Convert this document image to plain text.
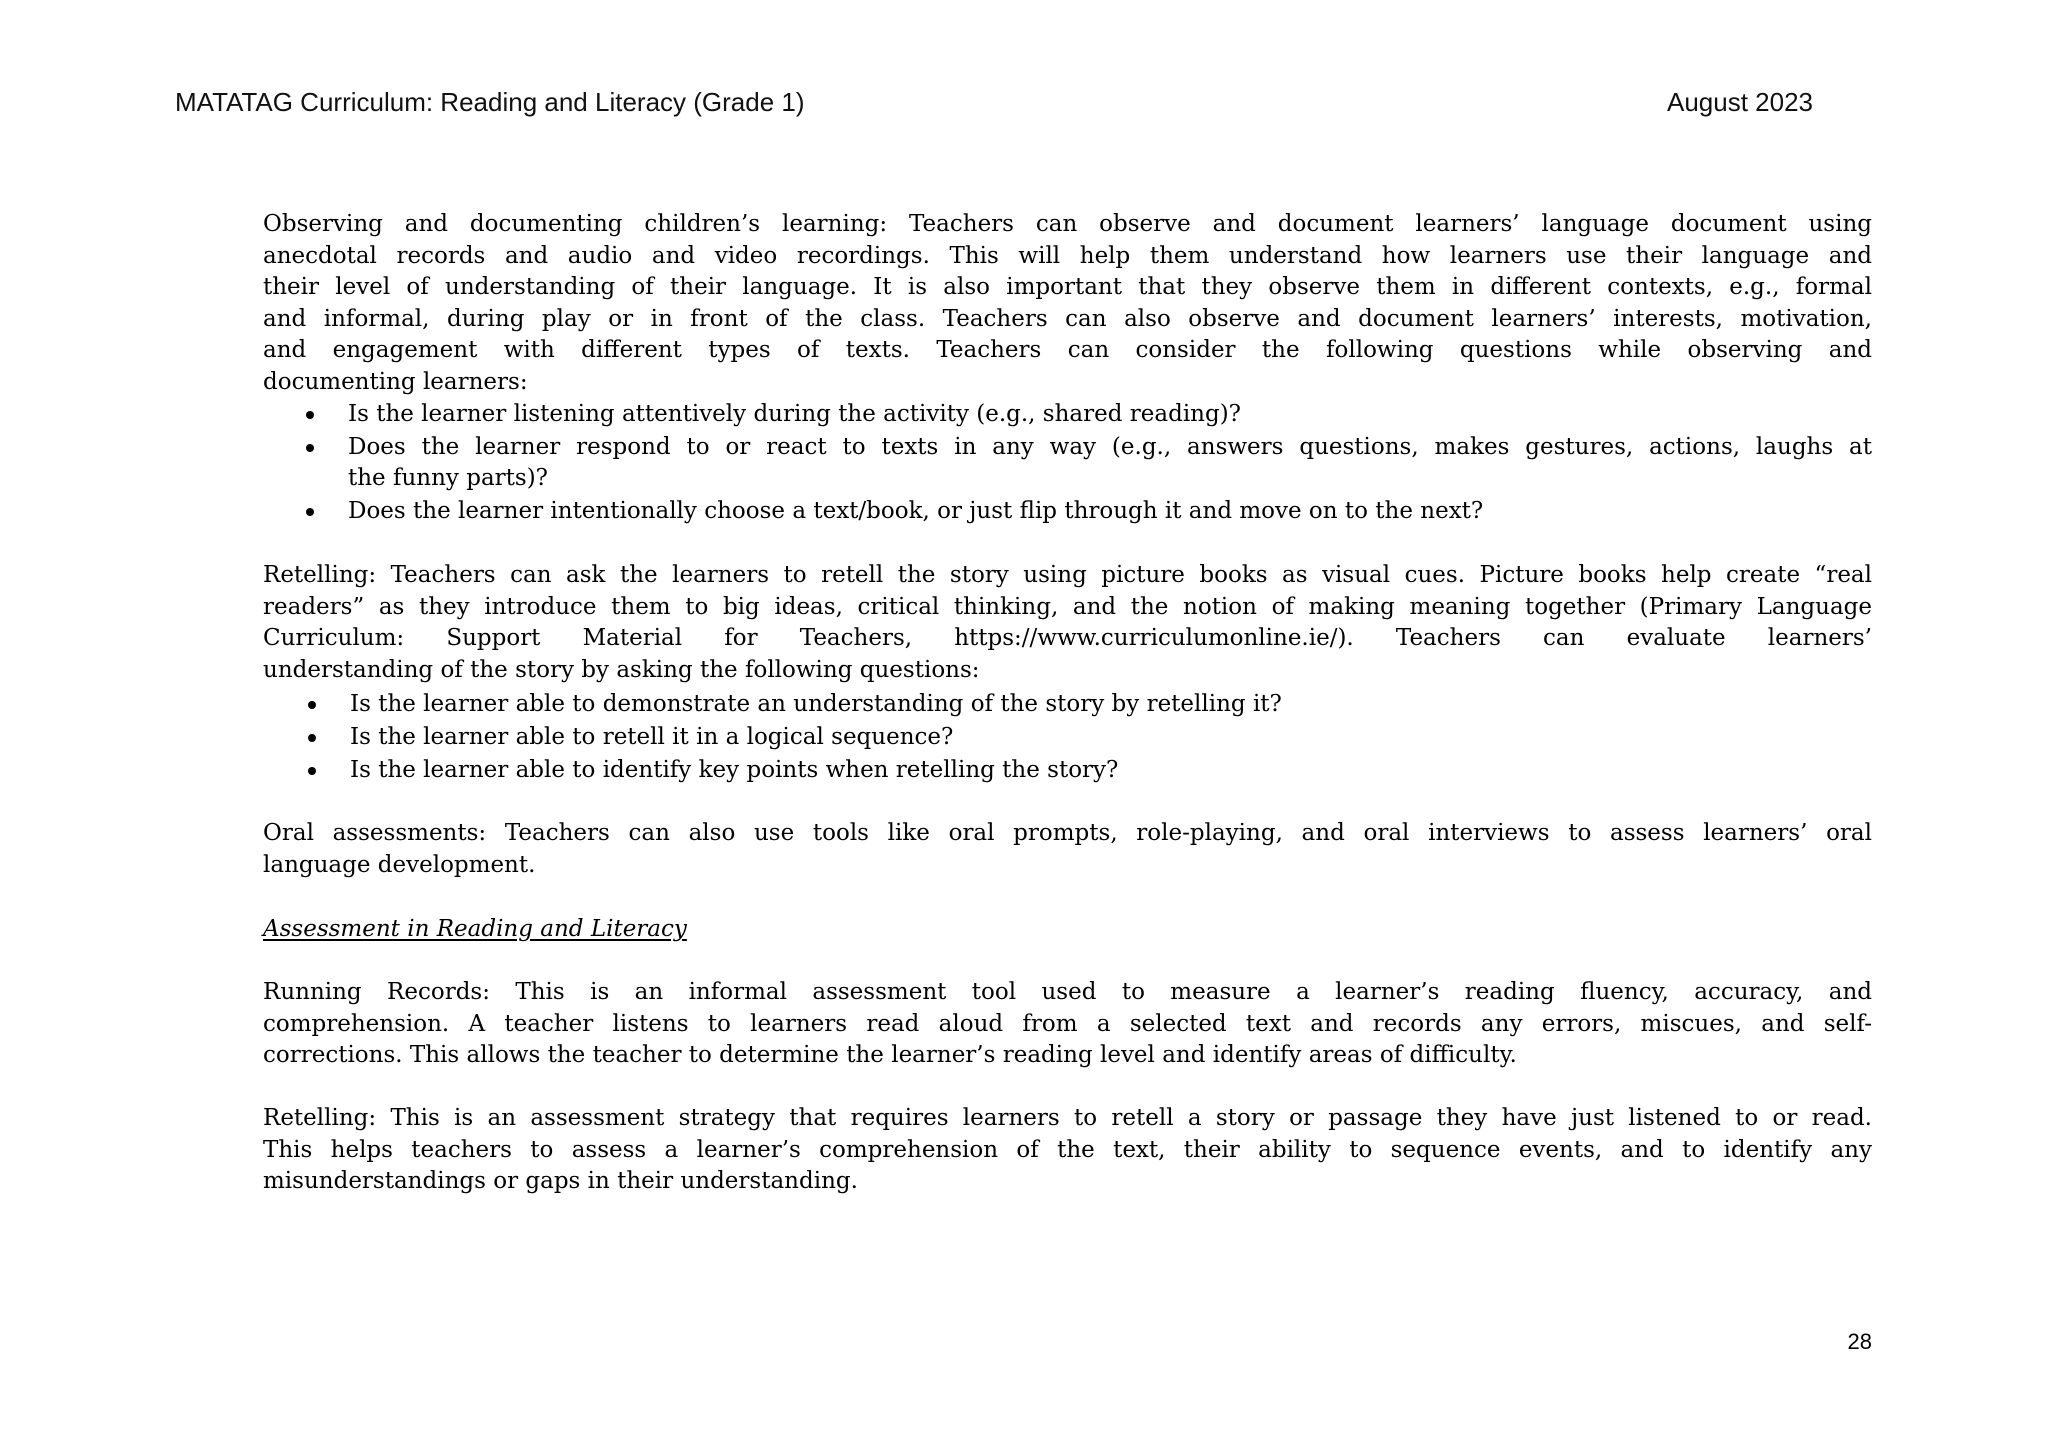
MATATAG Curriculum: Reading and Literacy (Grade 1)	August 2023
Observing and documenting children’s learning: Teachers can observe and document learners’ language document using
anecdotal records and audio and video recordings. This will help them understand how learners use their language and
their level of understanding of their language. It is also important that they observe them in different contexts, e.g., formal
and informal, during play or in front of the class. Teachers can also observe and document learners’ interests, motivation,
and engagement with different types of texts. Teachers can consider the following questions while observing and
documenting learners:
Is the learner listening attentively during the activity (e.g., shared reading)?
Does the learner respond to or react to texts in any way (e.g., answers questions, makes gestures, actions, laughs at
the funny parts)?
Does the learner intentionally choose a text/book, or just flip through it and move on to the next?
Retelling: Teachers can ask the learners to retell the story using picture books as visual cues. Picture books help create “real
readers” as they introduce them to big ideas, critical thinking, and the notion of making meaning together (Primary Language
Curriculum: Support Material for Teachers, https://www.curriculumonline.ie/). Teachers can evaluate learners’
understanding of the story by asking the following questions:
Is the learner able to demonstrate an understanding of the story by retelling it?
Is the learner able to retell it in a logical sequence?
Is the learner able to identify key points when retelling the story?
Oral assessments: Teachers can also use tools like oral prompts, role-playing, and oral interviews to assess learners’ oral
language development.
Assessment in Reading and Literacy
Running Records: This is an informal assessment tool used to measure a learner’s reading fluency, accuracy, and
comprehension. A teacher listens to learners read aloud from a selected text and records any errors, miscues, and self-
corrections. This allows the teacher to determine the learner’s reading level and identify areas of difficulty.
Retelling: This is an assessment strategy that requires learners to retell a story or passage they have just listened to or read.
This helps teachers to assess a learner’s comprehension of the text, their ability to sequence events, and to identify any
misunderstandings or gaps in their understanding.
28
